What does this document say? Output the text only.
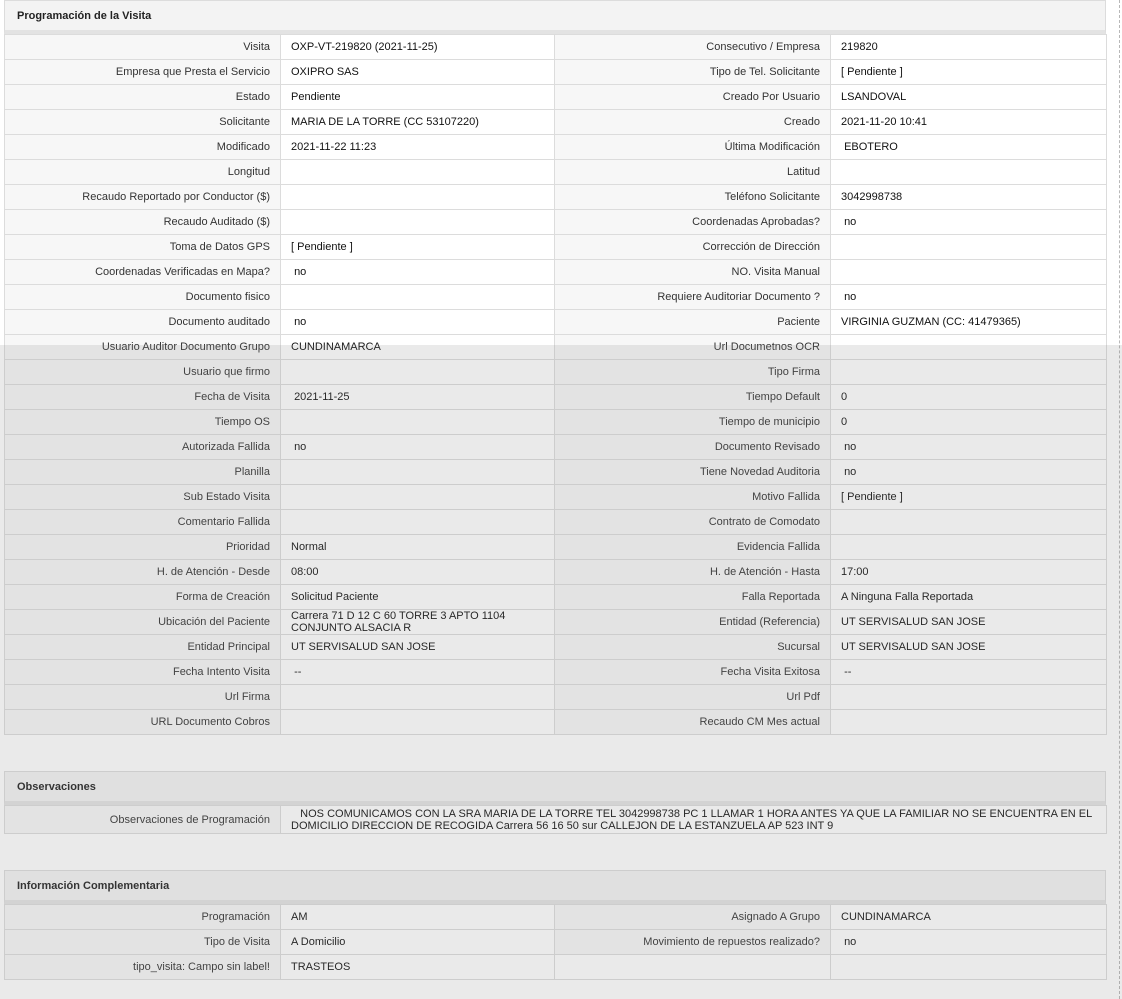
Programación de la Visita
Visita	OXP-VT-219820 (2021-11-25)	Consecutivo / Empresa	219820
Empresa que Presta el Servicio	OXIPRO SAS	Tipo de Tel. Solicitante	[ Pendiente ]
Estado	Pendiente	Creado Por Usuario	LSANDOVAL
Solicitante	MARIA DE LA TORRE (CC 53107220)	Creado	2021-11-20 10:41
Modificado	2021-11-22 11:23	Última Modificación	EBOTERO
Longitud		Latitud	
Recaudo Reportado por Conductor ($)		Teléfono Solicitante	3042998738
Recaudo Auditado ($)		Coordenadas Aprobadas?	no
Toma de Datos GPS	[ Pendiente ]	Corrección de Dirección	
Coordenadas Verificadas en Mapa?	no	NO. Visita Manual	
Documento fisico		Requiere Auditoriar Documento ?	no
Documento auditado	no	Paciente	VIRGINIA GUZMAN (CC: 41479365)
Usuario Auditor Documento Grupo	CUNDINAMARCA	Url Documetnos OCR	
Usuario que firmo		Tipo Firma	
Fecha de Visita	2021-11-25	Tiempo Default	0
Tiempo OS		Tiempo de municipio	0
Autorizada Fallida	no	Documento Revisado	no
Planilla		Tiene Novedad Auditoria	no
Sub Estado Visita		Motivo Fallida	[ Pendiente ]
Comentario Fallida		Contrato de Comodato	
Prioridad	Normal	Evidencia Fallida	
H. de Atención - Desde	08:00	H. de Atención - Hasta	17:00
Forma de Creación	Solicitud Paciente	Falla Reportada	A Ninguna Falla Reportada
Ubicación del Paciente	Carrera 71 D 12 C 60 TORRE 3 APTO 1104 CONJUNTO ALSACIA R	Entidad (Referencia)	UT SERVISALUD SAN JOSE
Entidad Principal	UT SERVISALUD SAN JOSE	Sucursal	UT SERVISALUD SAN JOSE
Fecha Intento Visita	--	Fecha Visita Exitosa	--
Url Firma		Url Pdf	
URL Documento Cobros		Recaudo CM Mes actual	
Observaciones
Observaciones de Programación	NOS COMUNICAMOS CON LA SRA MARIA DE LA TORRE TEL 3042998738 PC 1 LLAMAR 1 HORA ANTES YA QUE LA FAMILIAR NO SE ENCUENTRA EN EL DOMICILIO DIRECCION DE RECOGIDA Carrera 56 16 50 sur CALLEJON DE LA ESTANZUELA AP 523 INT 9
Información Complementaria
Programación	AM	Asignado A Grupo	CUNDINAMARCA
Tipo de Visita	A Domicilio	Movimiento de repuestos realizado?	no
tipo_visita: Campo sin label!	TRASTEOS		
